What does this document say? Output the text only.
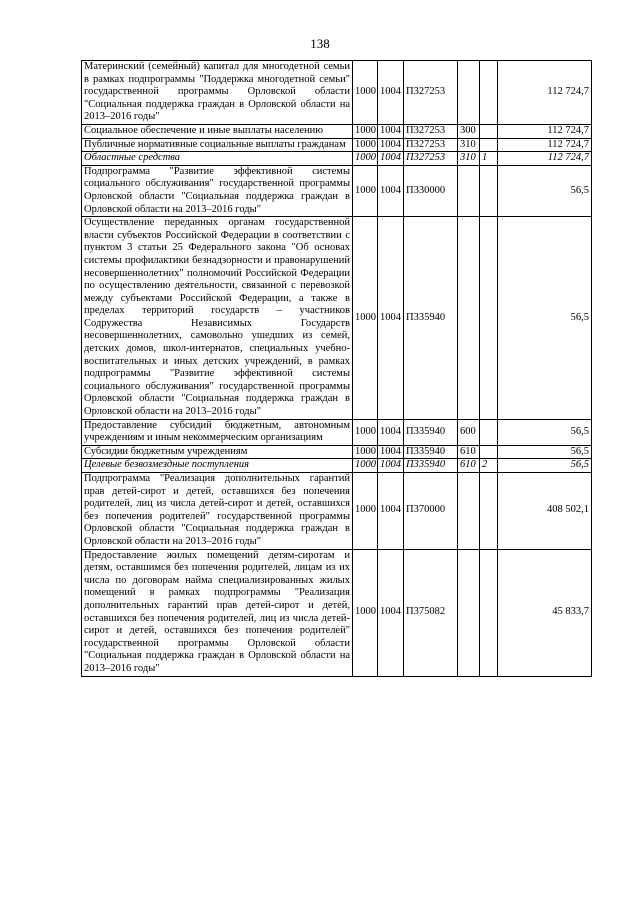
138
Материнский (семейный) капитал для многодетной семьи в рамках подпрограммы "Поддержка многодетной семьи" государственной программы Орловской области "Социальная поддержка граждан в Орловской области на 2013–2016 годы"	1000	1004	П327253			112 724,7
Социальное обеспечение и иные выплаты населению	1000	1004	П327253	300		112 724,7
Публичные нормативные социальные выплаты гражданам	1000	1004	П327253	310		112 724,7
Областные средства	1000	1004	П327253	310	1	112 724,7
Подпрограмма "Развитие эффективной системы социального обслуживания" государственной программы Орловской области "Социальная поддержка граждан в Орловской области на 2013–2016 годы"	1000	1004	П330000			56,5
Осуществление переданных органам государственной власти субъектов Российской Федерации в соответствии с пунктом 3 статьи 25 Федерального закона "Об основах системы профилактики безнадзорности и правонарушений несовершеннолетних" полномочий Российской Федерации по осуществлению деятельности, связанной с перевозкой между субъектами Российской Федерации, а также в пределах территорий государств – участников Содружества Независимых Государств несовершеннолетних, самовольно ушедших из семей, детских домов, школ-интернатов, специальных учебно-воспитательных и иных детских учреждений, в рамках подпрограммы "Развитие эффективной системы социального обслуживания" государственной программы Орловской области "Социальная поддержка граждан в Орловской области на 2013–2016 годы"	1000	1004	П335940			56,5
Предоставление субсидий бюджетным, автономным учреждениям и иным некоммерческим организациям	1000	1004	П335940	600		56,5
Субсидии бюджетным учреждениям	1000	1004	П335940	610		56,5
Целевые безвозмездные поступления	1000	1004	П335940	610	2	56,5
Подпрограмма "Реализация дополнительных гарантий прав детей-сирот и детей, оставшихся без попечения родителей, лиц из числа детей-сирот и детей, оставшихся без попечения родителей" государственной программы Орловской области "Социальная поддержка граждан в Орловской области на 2013–2016 годы"	1000	1004	П370000			408 502,1
Предоставление жилых помещений детям-сиротам и детям, оставшимся без попечения родителей, лицам из их числа по договорам найма специализированных жилых помещений в рамках подпрограммы "Реализация дополнительных гарантий прав детей-сирот и детей, оставшихся без попечения родителей, лиц из числа детей-сирот и детей, оставшихся без попечения родителей" государственной программы Орловской области "Социальная поддержка граждан в Орловской области на 2013–2016 годы"	1000	1004	П375082			45 833,7
